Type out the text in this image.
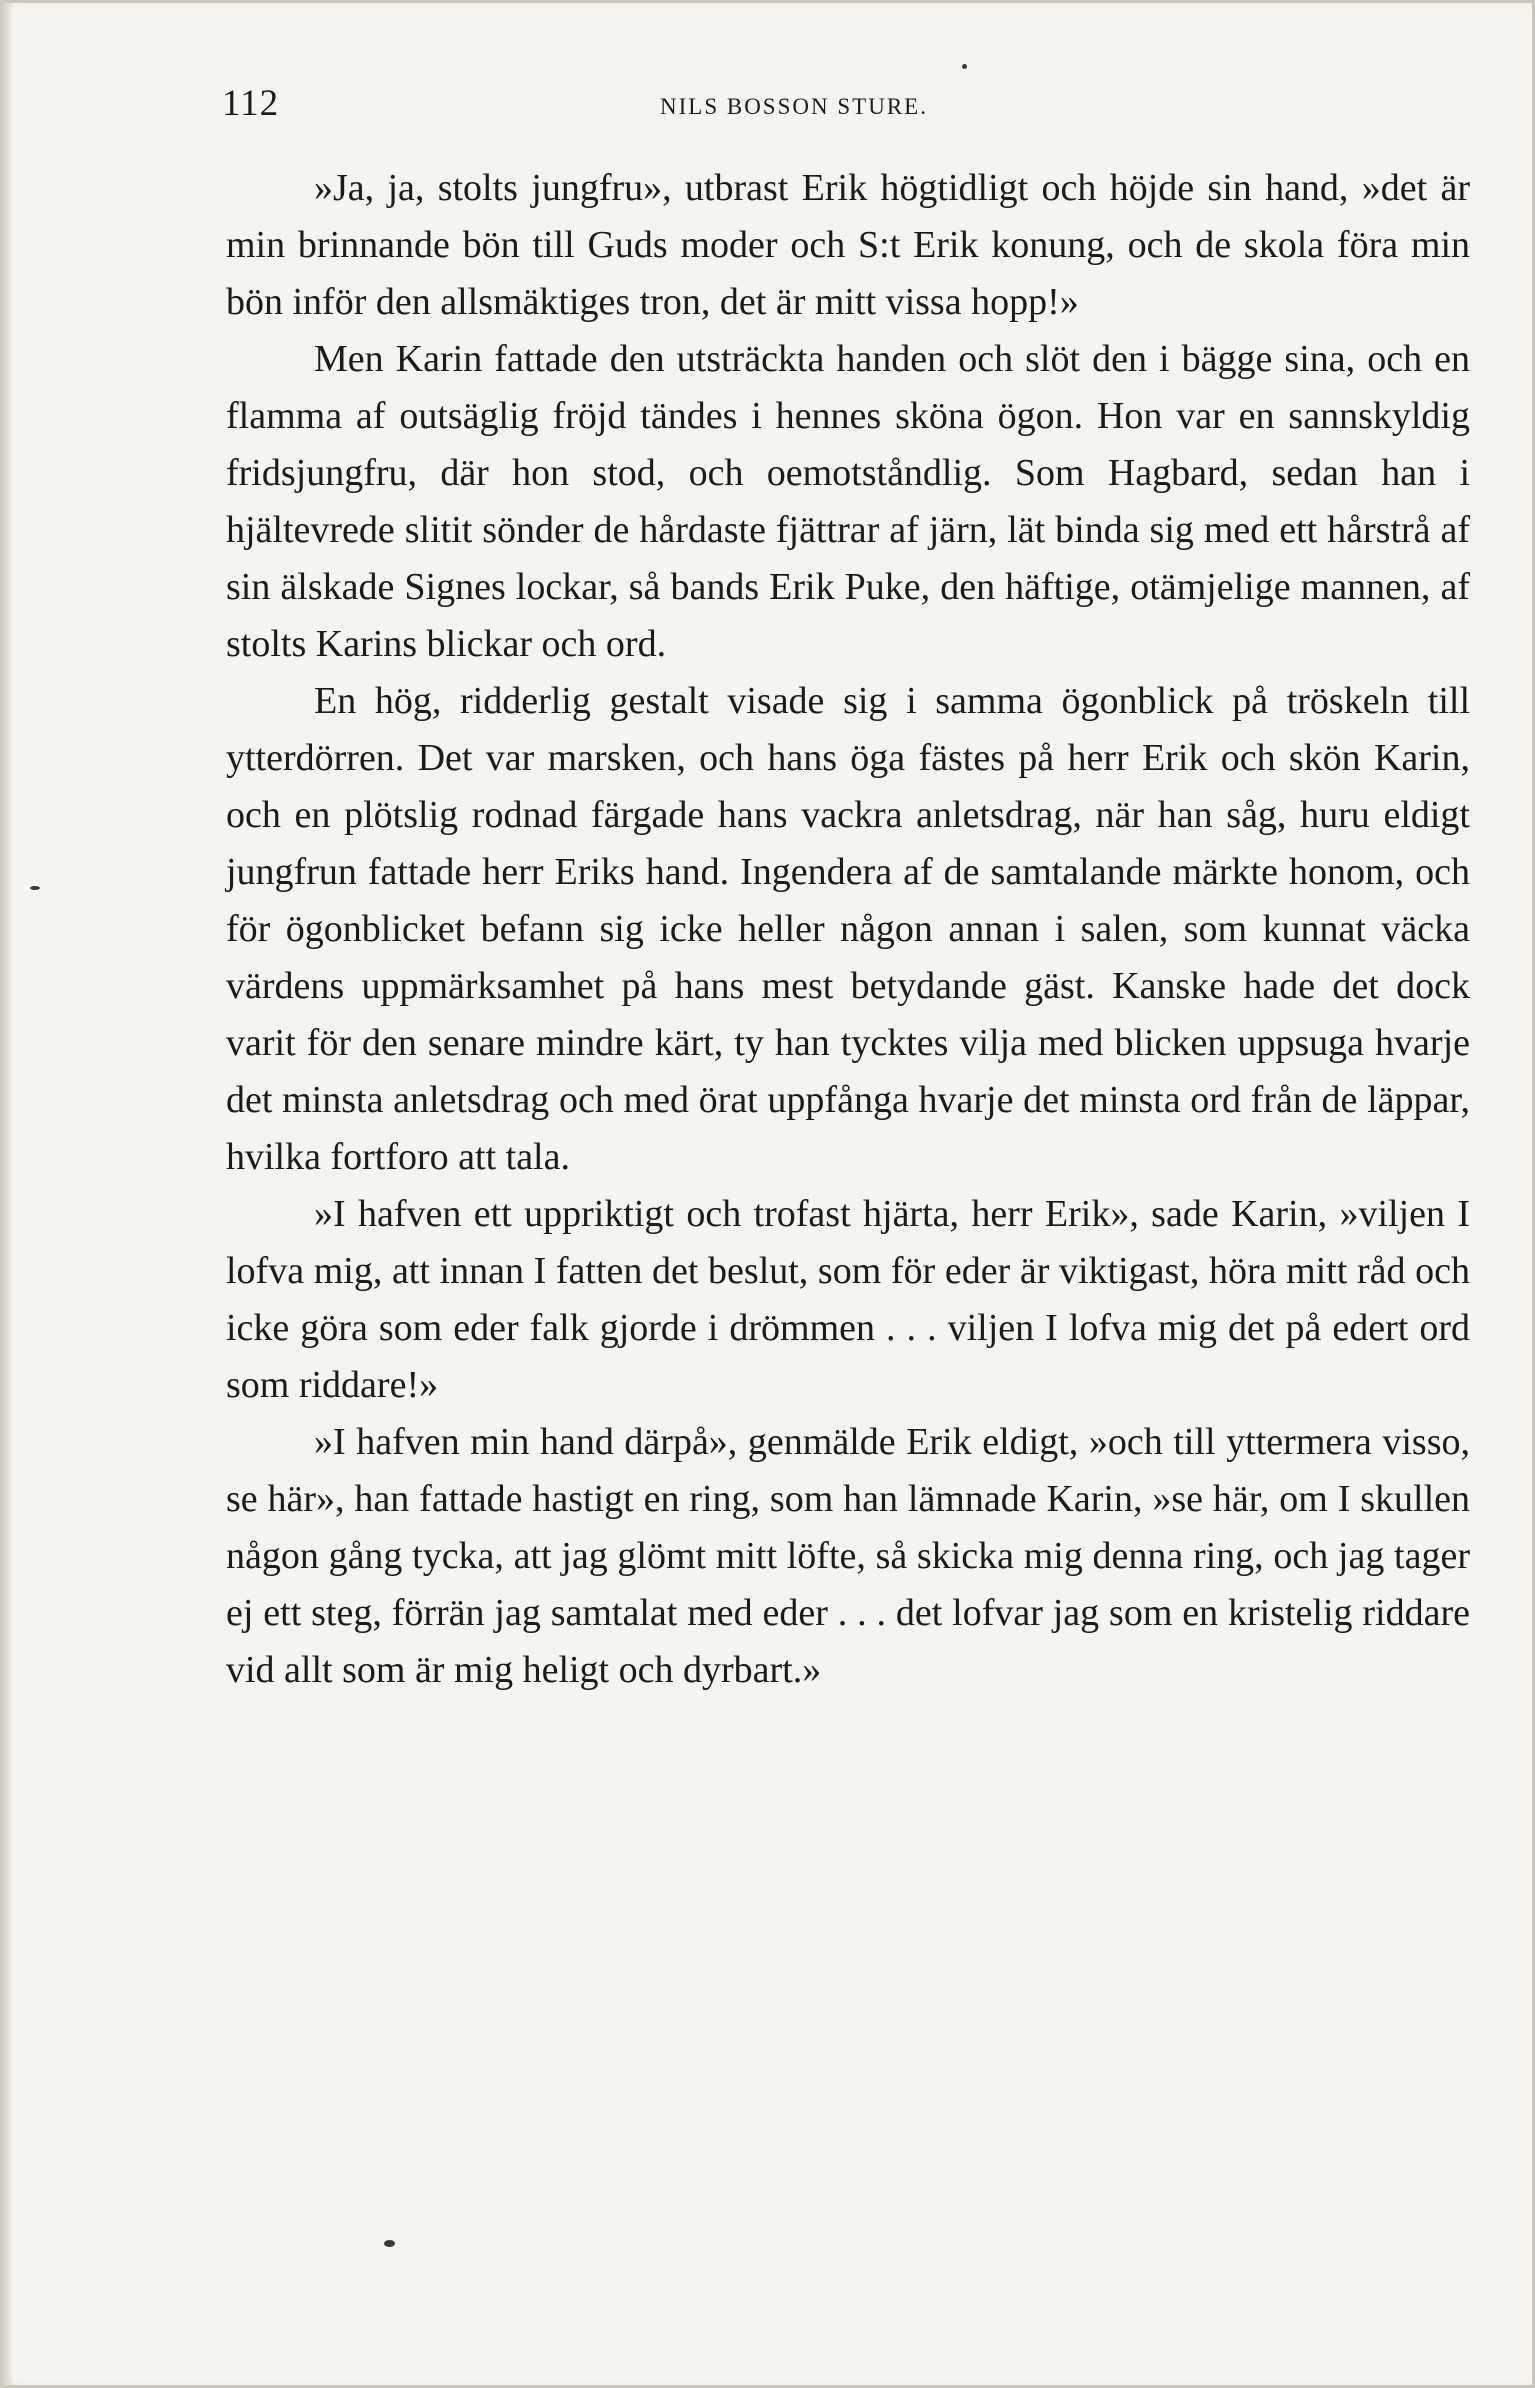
112	NILS BOSSON STURE.

»Ja, ja, stolts jungfru», utbrast Erik högtidligt och höjde sin hand, »det är min brinnande bön till Guds moder och S:t Erik konung, och de skola föra min bön inför den allsmäktiges tron, det är mitt vissa hopp!»

Men Karin fattade den utsträckta handen och slöt den i bägge sina, och en flamma af outsäglig fröjd tändes i hennes sköna ögon. Hon var en sannskyldig fridsjungfru, där hon stod, och oemotståndlig. Som Hagbard, sedan han i hjältevrede slitit sönder de hårdaste fjättrar af järn, lät binda sig med ett hårstrå af sin älskade Signes lockar, så bands Erik Puke, den häftige, otämjelige mannen, af stolts Karins blickar och ord.

En hög, ridderlig gestalt visade sig i samma ögonblick på tröskeln till ytterdörren. Det var marsken, och hans öga fästes på herr Erik och skön Karin, och en plötslig rodnad färgade hans vackra anletsdrag, när han såg, huru eldigt jungfrun fattade herr Eriks hand. Ingendera af de samtalande märkte honom, och för ögonblicket befann sig icke heller någon annan i salen, som kunnat väcka värdens uppmärksamhet på hans mest betydande gäst. Kanske hade det dock varit för den senare mindre kärt, ty han tycktes vilja med blicken uppsuga hvarje det minsta anletsdrag och med örat uppfånga hvarje det minsta ord från de läppar, hvilka fortforo att tala.

»I hafven ett uppriktigt och trofast hjärta, herr Erik», sade Karin, »viljen I lofva mig, att innan I fatten det beslut, som för eder är viktigast, höra mitt råd och icke göra som eder falk gjorde i drömmen . . . viljen I lofva mig det på edert ord som riddare!»

»I hafven min hand därpå», genmälde Erik eldigt, »och till yttermera visso, se här», han fattade hastigt en ring, som han lämnade Karin, »se här, om I skullen någon gång tycka, att jag glömt mitt löfte, så skicka mig denna ring, och jag tager ej ett steg, förrän jag samtalat med eder . . . det lofvar jag som en kristelig riddare vid allt som är mig heligt och dyrbart.»
